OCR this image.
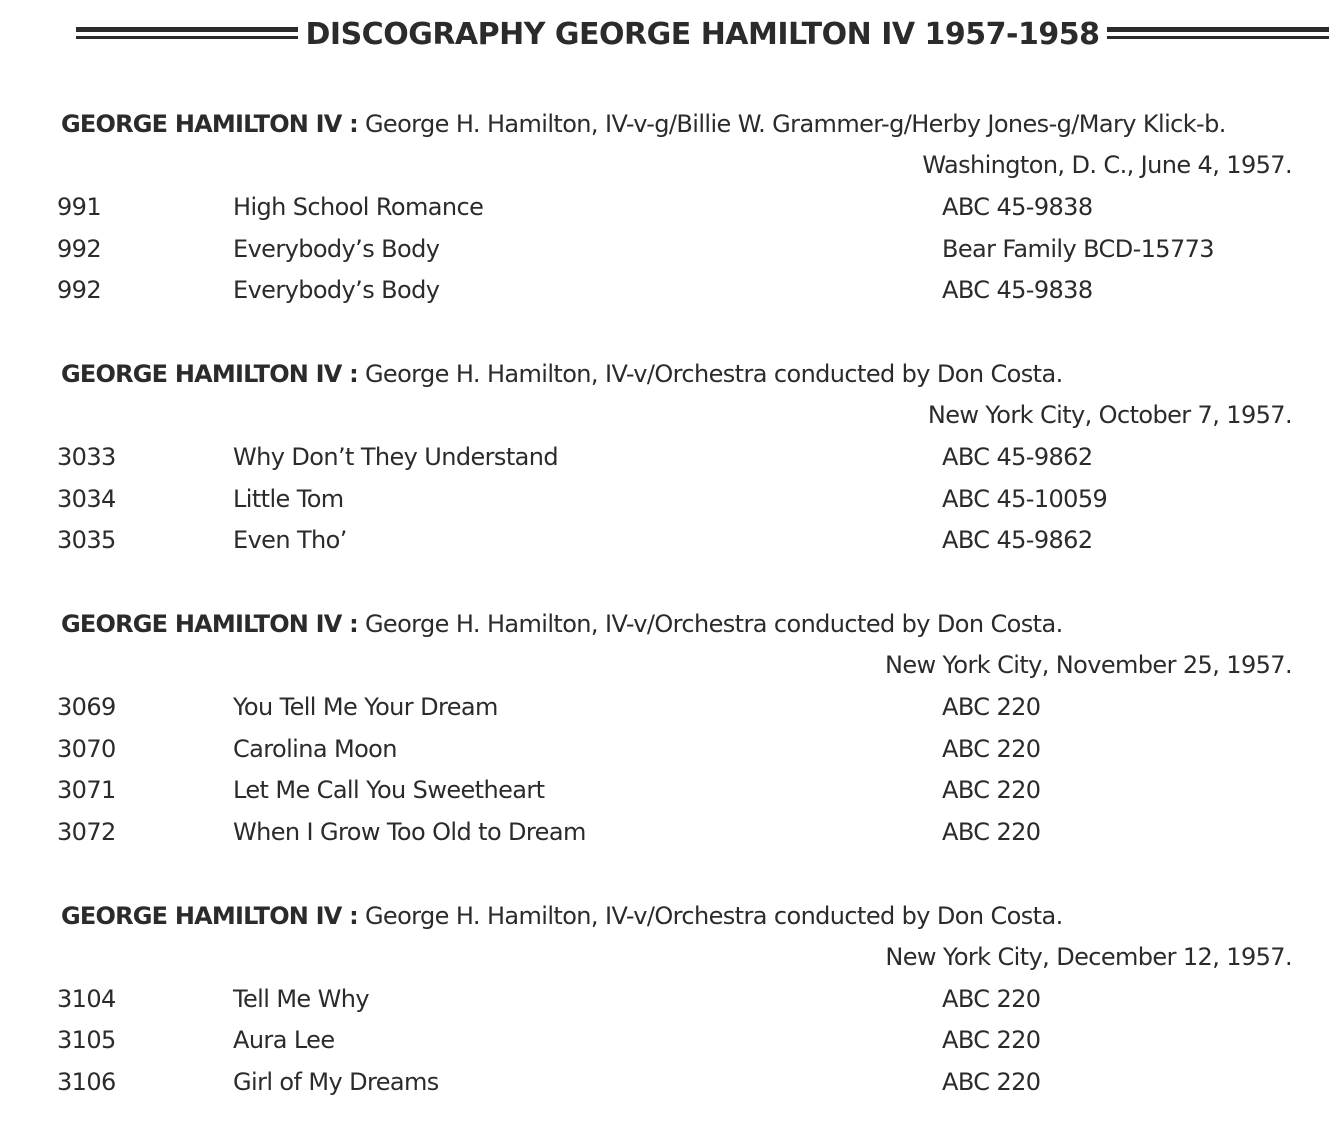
DISCOGRAPHY GEORGE HAMILTON IV 1957-1958
GEORGE HAMILTON IV : George H. Hamilton, IV-v-g/Billie W. Grammer-g/Herby Jones-g/Mary Klick-b.
Washington, D. C., June 4, 1957.
991	High School Romance	ABC 45-9838
992	Everybody’s Body	Bear Family BCD-15773
992	Everybody’s Body	ABC 45-9838
GEORGE HAMILTON IV : George H. Hamilton, IV-v/Orchestra conducted by Don Costa.
New York City, October 7, 1957.
3033	Why Don’t They Understand	ABC 45-9862
3034	Little Tom	ABC 45-10059
3035	Even Tho’	ABC 45-9862
GEORGE HAMILTON IV : George H. Hamilton, IV-v/Orchestra conducted by Don Costa.
New York City, November 25, 1957.
3069	You Tell Me Your Dream	ABC 220
3070	Carolina Moon	ABC 220
3071	Let Me Call You Sweetheart	ABC 220
3072	When I Grow Too Old to Dream	ABC 220
GEORGE HAMILTON IV : George H. Hamilton, IV-v/Orchestra conducted by Don Costa.
New York City, December 12, 1957.
3104	Tell Me Why	ABC 220
3105	Aura Lee	ABC 220
3106	Girl of My Dreams	ABC 220
